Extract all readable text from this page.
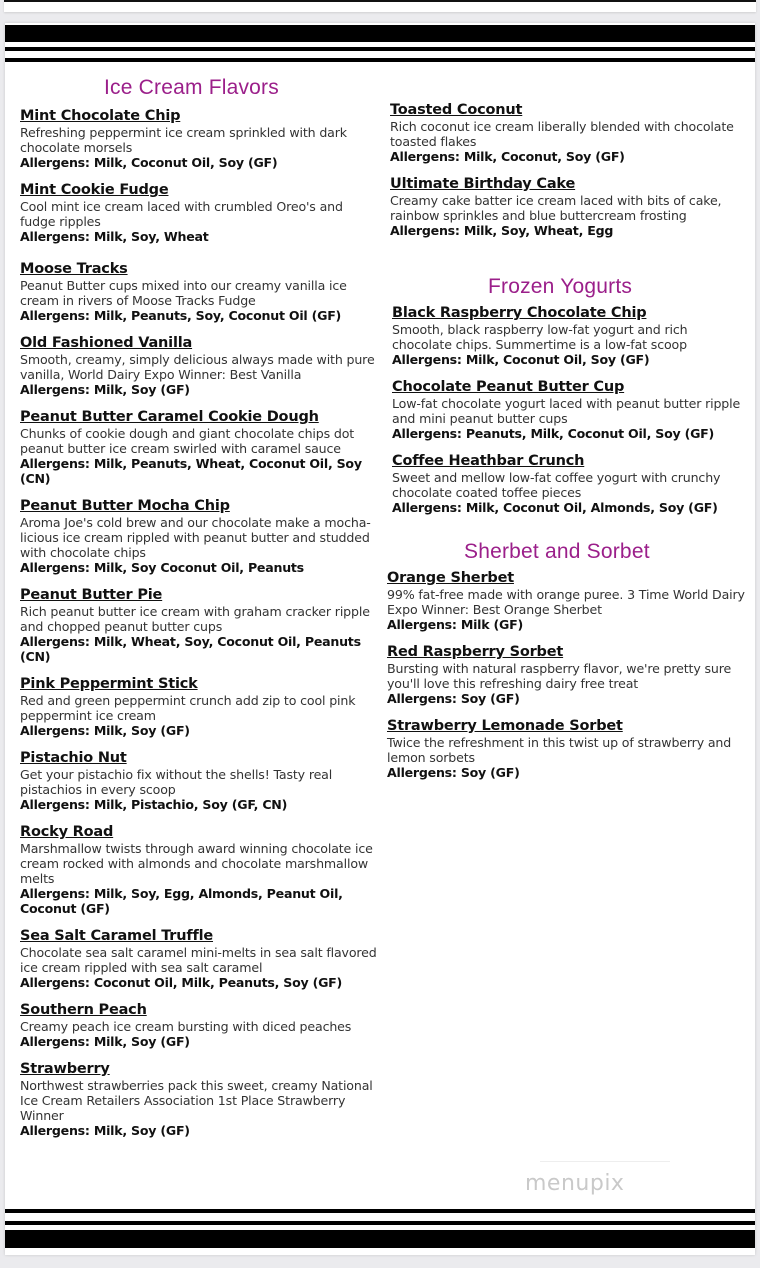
Ice Cream Flavors
Mint Chocolate Chip
Refreshing peppermint ice cream sprinkled with dark chocolate morsels
Allergens: Milk, Coconut Oil, Soy (GF)
Mint Cookie Fudge
Cool mint ice cream laced with crumbled Oreo's and fudge ripples
Allergens: Milk, Soy, Wheat
Moose Tracks
Peanut Butter cups mixed into our creamy vanilla ice cream in rivers of Moose Tracks Fudge
Allergens: Milk, Peanuts, Soy, Coconut Oil (GF)
Old Fashioned Vanilla
Smooth, creamy, simply delicious always made with pure vanilla, World Dairy Expo Winner: Best Vanilla
Allergens: Milk, Soy (GF)
Peanut Butter Caramel Cookie Dough
Chunks of cookie dough and giant chocolate chips dot peanut butter ice cream swirled with caramel sauce
Allergens: Milk, Peanuts, Wheat, Coconut Oil, Soy (CN)
Peanut Butter Mocha Chip
Aroma Joe's cold brew and our chocolate make a mocha-licious ice cream rippled with peanut butter and studded with chocolate chips
Allergens: Milk, Soy Coconut Oil, Peanuts
Peanut Butter Pie
Rich peanut butter ice cream with graham cracker ripple and chopped peanut butter cups
Allergens: Milk, Wheat, Soy, Coconut Oil, Peanuts (CN)
Pink Peppermint Stick
Red and green peppermint crunch add zip to cool pink peppermint ice cream
Allergens: Milk, Soy (GF)
Pistachio Nut
Get your pistachio fix without the shells! Tasty real pistachios in every scoop
Allergens: Milk, Pistachio, Soy (GF, CN)
Rocky Road
Marshmallow twists through award winning chocolate ice cream rocked with almonds and chocolate marshmallow melts
Allergens: Milk, Soy, Egg, Almonds, Peanut Oil, Coconut (GF)
Sea Salt Caramel Truffle
Chocolate sea salt caramel mini-melts in sea salt flavored ice cream rippled with sea salt caramel
Allergens: Coconut Oil, Milk, Peanuts, Soy (GF)
Southern Peach
Creamy peach ice cream bursting with diced peaches
Allergens: Milk, Soy (GF)
Strawberry
Northwest strawberries pack this sweet, creamy National Ice Cream Retailers Association 1st Place Strawberry Winner
Allergens: Milk, Soy (GF)
Toasted Coconut
Rich coconut ice cream liberally blended with chocolate toasted flakes
Allergens: Milk, Coconut, Soy (GF)
Ultimate Birthday Cake
Creamy cake batter ice cream laced with bits of cake, rainbow sprinkles and blue buttercream frosting
Allergens: Milk, Soy, Wheat, Egg
Frozen Yogurts
Black Raspberry Chocolate Chip
Smooth, black raspberry low-fat yogurt and rich chocolate chips. Summertime is a low-fat scoop
Allergens: Milk, Coconut Oil, Soy (GF)
Chocolate Peanut Butter Cup
Low-fat chocolate yogurt laced with peanut butter ripple and mini peanut butter cups
Allergens: Peanuts, Milk, Coconut Oil, Soy (GF)
Coffee Heathbar Crunch
Sweet and mellow low-fat coffee yogurt with crunchy chocolate coated toffee pieces
Allergens: Milk, Coconut Oil, Almonds, Soy (GF)
Sherbet and Sorbet
Orange Sherbet
99% fat-free made with orange puree. 3 Time World Dairy Expo Winner: Best Orange Sherbet
Allergens: Milk (GF)
Red Raspberry Sorbet
Bursting with natural raspberry flavor, we're pretty sure you'll love this refreshing dairy free treat
Allergens: Soy (GF)
Strawberry Lemonade Sorbet
Twice the refreshment in this twist up of strawberry and lemon sorbets
Allergens: Soy (GF)
menupix
